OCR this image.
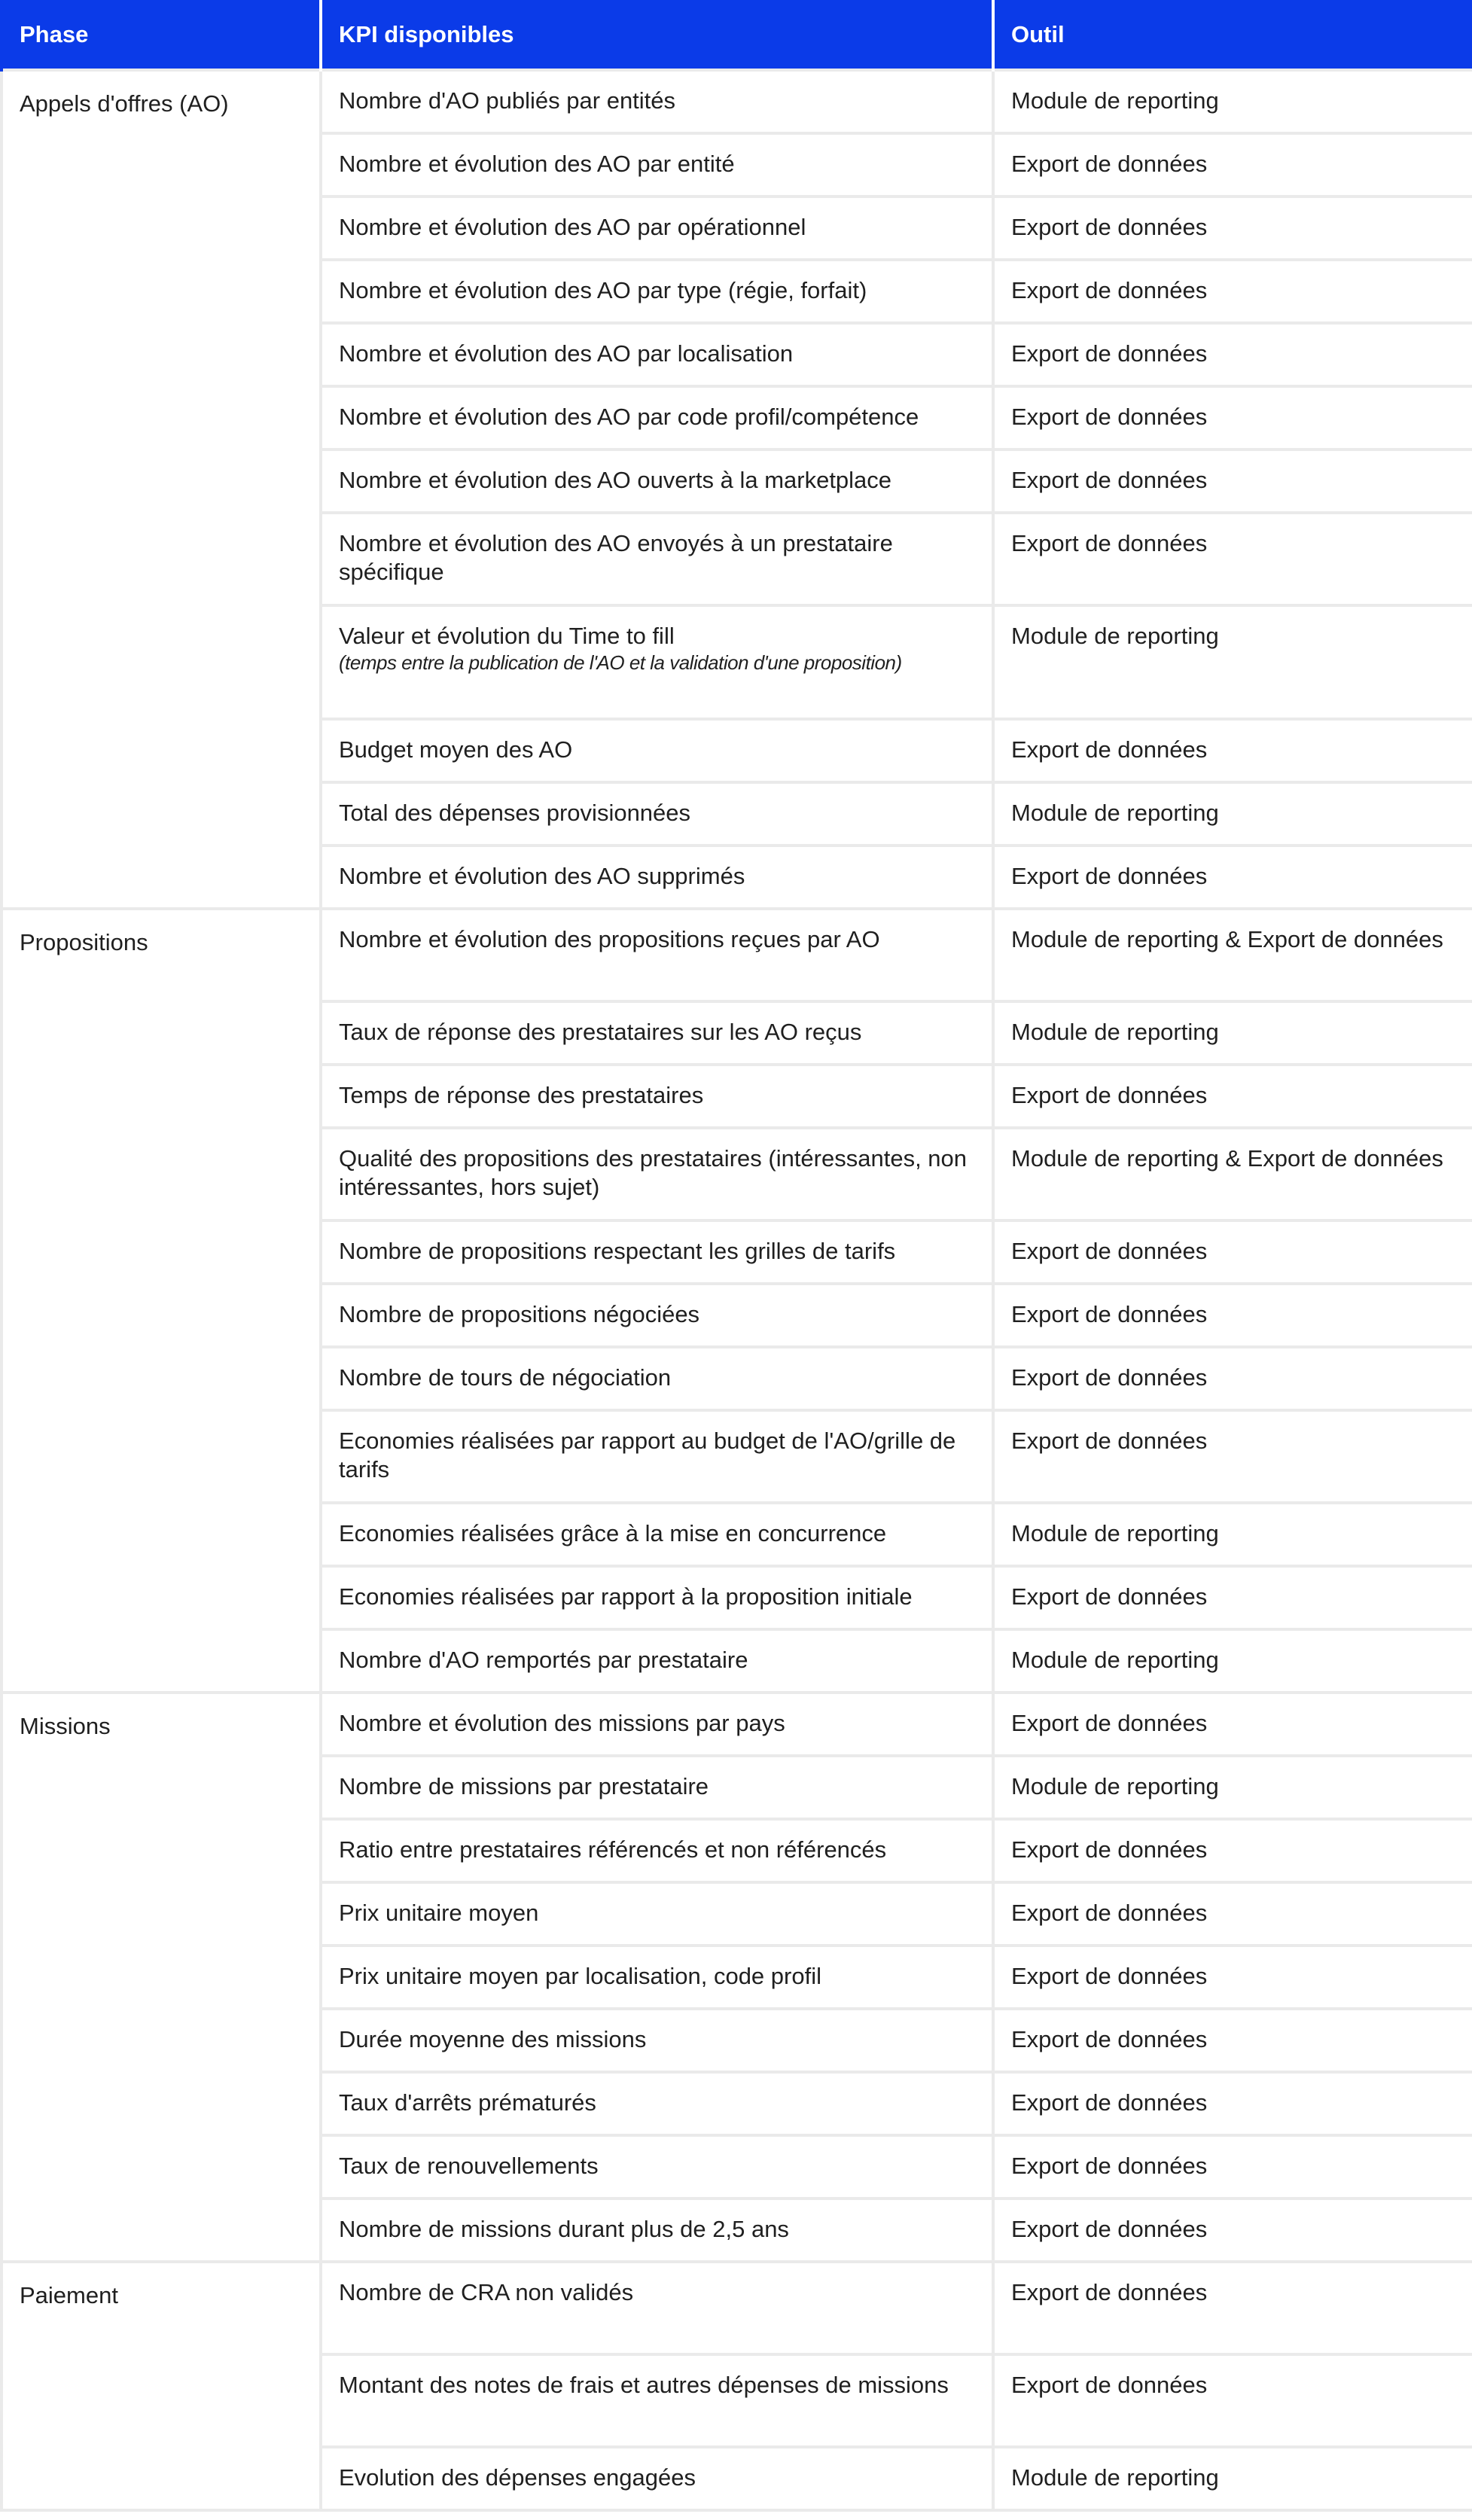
Phase	KPI disponibles	Outil
Appels d'offres (AO)	Nombre d'AO publiés par entités	Module de reporting
	Nombre et évolution des AO par entité	Export de données
	Nombre et évolution des AO par opérationnel	Export de données
	Nombre et évolution des AO par type (régie, forfait)	Export de données
	Nombre et évolution des AO par localisation	Export de données
	Nombre et évolution des AO par code profil/compétence	Export de données
	Nombre et évolution des AO ouverts à la marketplace	Export de données
	Nombre et évolution des AO envoyés à un prestataire spécifique	Export de données
	Valeur et évolution du Time to fill
(temps entre la publication de l'AO et la validation d'une proposition)	Module de reporting
	Budget moyen des AO	Export de données
	Total des dépenses provisionnées	Module de reporting
	Nombre et évolution des AO supprimés	Export de données
Propositions	Nombre et évolution des propositions reçues par AO	Module de reporting & Export de données
	Taux de réponse des prestataires sur les AO reçus	Module de reporting
	Temps de réponse des prestataires	Export de données
	Qualité des propositions des prestataires (intéressantes, non intéressantes, hors sujet)	Module de reporting & Export de données
	Nombre de propositions respectant les grilles de tarifs	Export de données
	Nombre de propositions négociées	Export de données
	Nombre de tours de négociation	Export de données
	Economies réalisées par rapport au budget de l'AO/grille de tarifs	Export de données
	Economies réalisées grâce à la mise en concurrence	Module de reporting
	Economies réalisées par rapport à la proposition initiale	Export de données
	Nombre d'AO remportés par prestataire	Module de reporting
Missions	Nombre et évolution des missions par pays	Export de données
	Nombre de missions par prestataire	Module de reporting
	Ratio entre prestataires référencés et non référencés	Export de données
	Prix unitaire moyen	Export de données
	Prix unitaire moyen par localisation, code profil	Export de données
	Durée moyenne des missions	Export de données
	Taux d'arrêts prématurés	Export de données
	Taux de renouvellements	Export de données
	Nombre de missions durant plus de 2,5 ans	Export de données
Paiement	Nombre de CRA non validés	Export de données
	Montant des notes de frais et autres dépenses de missions	Export de données
	Evolution des dépenses engagées	Module de reporting
